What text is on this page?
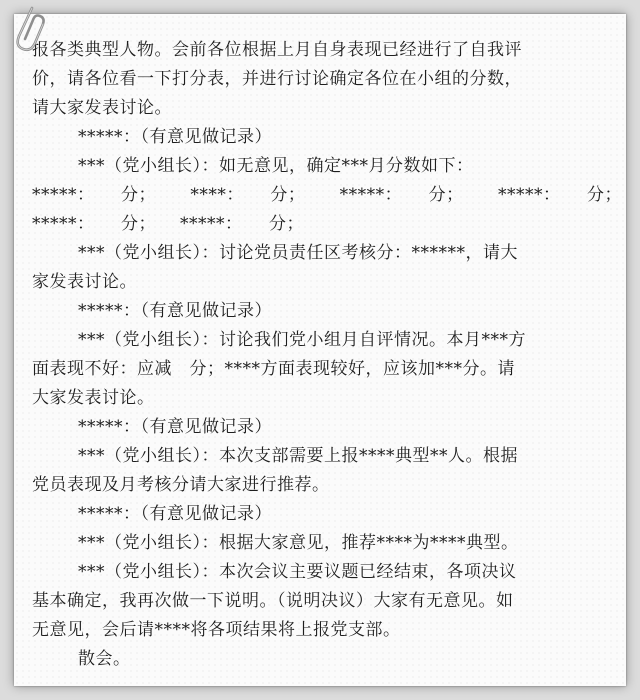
报各类典型人物。会前各位根据上月自身表现已经进行了自我评
价，请各位看一下打分表，并进行讨论确定各位在小组的分数，
请大家发表讨论。
*****：（有意见做记录）
***（党小组长）：如无意见，确定***月分数如下：
*****：　　分； ****：　　分； *****：　　分； *****：　　分；
*****：　　分； *****：　　分；
***（党小组长）：讨论党员责任区考核分：******，请大
家发表讨论。
*****：（有意见做记录）
***（党小组长）：讨论我们党小组月自评情况。本月***方
面表现不好：应减　分；****方面表现较好，应该加***分。请
大家发表讨论。
*****：（有意见做记录）
***（党小组长）：本次支部需要上报****典型**人。根据
党员表现及月考核分请大家进行推荐。
*****：（有意见做记录）
***（党小组长）：根据大家意见，推荐****为****典型。
***（党小组长）：本次会议主要议题已经结束，各项决议
基本确定，我再次做一下说明。（说明决议）大家有无意见。如
无意见，会后请****将各项结果将上报党支部。
散会。
